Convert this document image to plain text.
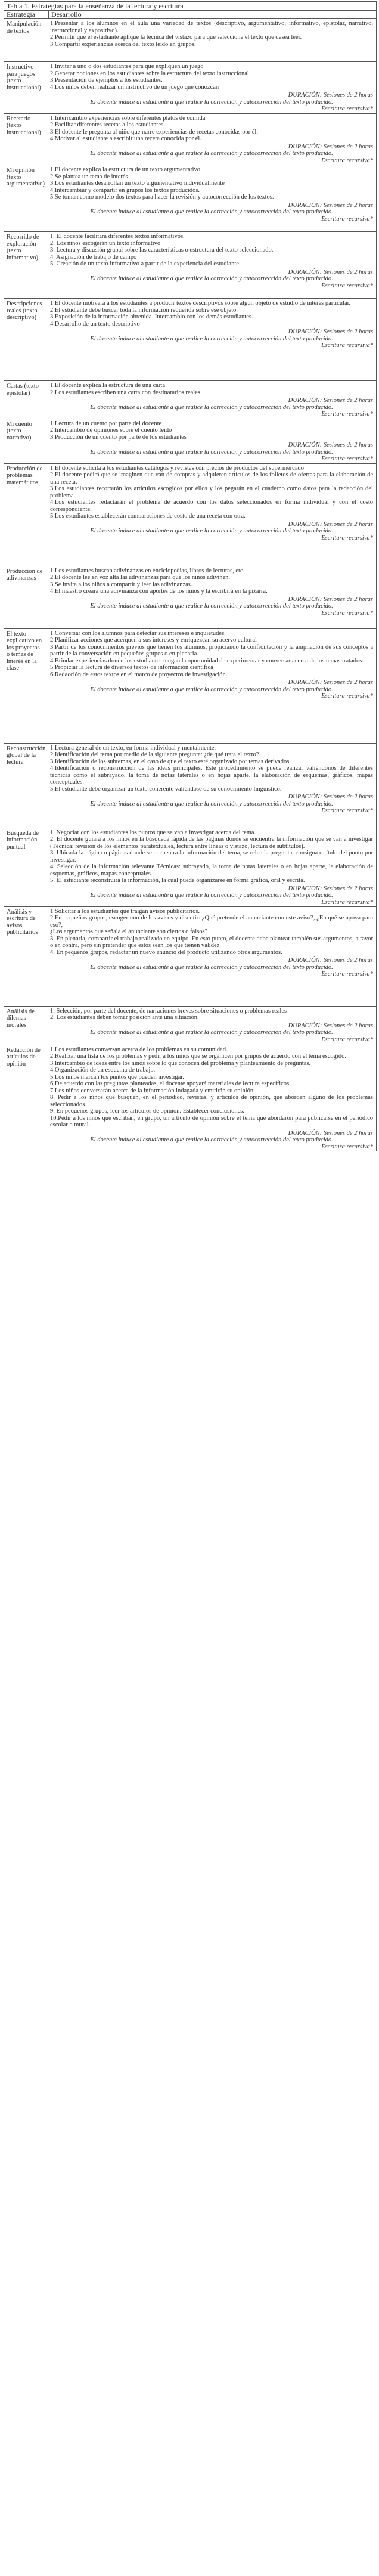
Tabla 1. Estrategias para la enseñanza de la lectura y escritura
Estrategia	Desarrollo
Manipulación de textos

1.Presentar a los alumnos en el aula una variedad de textos (descriptivo, argumentativo, informativo, epistolar, narrativo, instruccional y expositivo).

2.Permitir que el estudiante aplique la técnica del vistazo para que seleccione el texto que desea leer.

3.Compartir experiencias acerca del texto leído en grupos.

Instructivo para juegos (texto instruccional)

1.Invitar a uno o dos estudiantes para que expliquen un juego

2.Generar nociones en los estudiantes sobre la estructura del texto instruccional.

3.Presentación de ejemplos a los estudiantes.

4.Los niños deben realizar un instructivo de un juego que conozcan

DURACIÓN: Sesiones de 2 horas
El docente induce al estudiante a que realice la corrección y autocorrección del texto producido.
Escritura recursiva*
Recetario (texto instruccional)

1.Interrcambio experiencias sobre diferentes platos de comida

2.Facilitar diferentes recetas a los estudiantes

3.El docente le pregunta al niño que narre experiencias de recetas conocidas por él.

4.Motivar al estudiante a escribir una receta conocida por él.

DURACIÓN: Sesiones de 2 horas
El docente induce al estudiante a que realice la corrección y autocorrección del texto producido.
Escritura recursiva*
Mi opinión (texto argumentativo)

1.El docente explica la estructura de un texto argumentativo.

2.Se plantea un tema de interés

3.Los estudiantes desarrollan un texto argumentativo individualmente

4.Intercambiar y compartir en grupos los textos producidos.

5.Se toman como modelo dos textos para hacer la revisión y autocorrección de los textos.

DURACIÓN: Sesiones de 2 horas
El docente induce al estudiante a que realice la corrección y autocorrección del texto producido.
Escritura recursiva*
Recorrido de exploración (texto informativo)

1. El docente facilitará diferentes textos informativos.

2. Los niños escogerán un texto informativo

3. Lectura y discusión grupal sobre las características o estructura del texto seleccionado.

4. Asignación de trabajo de campo

5. Creación de un texto informativo a partir de la experiencia del estudiante

DURACIÓN: Sesiones de 2 horas
El docente induce al estudiante a que realice la corrección y autocorrección del texto producido.
Escritura recursiva*
Descripciones reales (texto descriptivo)

1.El docente motivará a los estudiantes a producir textos descriptivos sobre algún objeto de estudio de interés particular.

2.El estudiante debe buscar toda la información requerida sobre ese objeto.

3.Exposición de la información obtenida. Intercambio con los demás estudiantes.

4.Desarrollo de un texto descriptivo

DURACIÓN: Sesiones de 2 horas
El docente induce al estudiante a que realice la corrección y autocorrección del texto producido.
Escritura recursiva*
Cartas (texto epistolar)

1.El docente explica la estructura de una carta

2.Los estudiantes escriben una carta con destinatarios reales

DURACIÓN: Sesiones de 2 horas
El docente induce al estudiante a que realice la corrección y autocorrección del texto producido.
Escritura recursiva*
Mi cuento (texto narrativo)

1.Lectura de un cuento por parte del docente

2.Intercambio de opiniones sobre el cuento leído

3.Producción de un cuento por parte de los estudiantes

DURACIÓN: Sesiones de 2 horas
El docente induce al estudiante a que realice la corrección y autocorrección del texto producido.
Escritura recursiva*
Producción de problemas matemáticos

1.El docente solicita a los estudiantes catálogos y revistas con precios de productos del supermercado

2.El docente pedirá que se imaginen que van de compras y adquieren artículos de los folletos de ofertas para la elaboración de una receta.

3.Los estudiantes recortarán los artículos escogidos por ellos y los pegarán en el cuaderno como datos para la redacción del problema.

4.Los estudiantes redactarán el problema de acuerdo con los datos seleccionados en forma individual y con el costo correspondiente.

5.Los estudiantes establecerán comparaciones de costo de una receta con otra.

DURACIÓN: Sesiones de 2 horas
El docente induce al estudiante a que realice la corrección y autocorrección del texto producido.
Escritura recursiva*
Producción de adivinanzas

1.Los estudiantes buscan adivinanzas en enciclopedias, libros de lecturas, etc.

2.El docente lee en voz alta las adivinanzas para que los niños adivinen.

3.Se invita a los niños a compartir y leer las adivinanzas.

4.El maestro creará una adivinanza con aportes de los niños y la escribirá en la pizarra.

DURACIÓN: Sesiones de 2 horas
El docente induce al estudiante a que realice la corrección y autocorrección del texto producido.
Escritura recursiva*
El texto explicativo en los proyectos o temas de interés en la clase

1.Conversar con los alumnos para detectar sus intereses e inquietudes.

2.Planificar acciones que acerquen a sus intereses y enriquezcan su acervo cultural

3.Partir de los conocimientos previos que tienen los alumnos, propiciando la confrontación y la ampliación de sus conceptos a partir de la conversación en pequeños grupos o en plenaria.

4.Brindar experiencias donde los estudiantes tengan la oportunidad de experimentar y conversar acerca de los temas tratados.

5.Propiciar la lectura de diversos textos de información científica

6.Redacción de estos textos en el marco de proyectos de investigación.

DURACIÓN: Sesiones de 2 horas
El docente induce al estudiante a que realice la corrección y autocorrección del texto producido.
Escritura recursiva*
Reconstrucción global de la lectura

1.Lectura general de un texto, en forma individual y mentalmente.

2.Identificación del tema por medio de la siguiente pregunta: ¿de qué trata el texto?

3.Identificación de los subtemas, en el caso de que el texto esté organizado por temas derivados.

4.Identificación o reconstrucción de las ideas principales. Este procedimiento se puede realizar valiéndonos de diferentes técnicas como el subrayado, la toma de notas laterales o en hojas aparte, la elaboración de esquemas, gráficos, mapas conceptuales.

5.El estudiante debe organizar un texto coherente valiéndose de su conocimiento lingüístico.

DURACIÓN: Sesiones de 2 horas
El docente induce al estudiante a que realice la corrección y autocorrección del texto producido.
Escritura recursiva*
Búsqueda de información puntual

1. Negociar con los estudiantes los puntos que se van a investigar acerca del tema.

2. El docente guiará a los niños en la búsqueda rápida de las páginas donde se encuentra la información que se van a investigar (Técnica: revisión de los elementos paratextuales, lectura entre líneas o vistazo, lectura de subtítulos).

3. Ubicada la página o páginas donde se encuentra la información del tema, se relee la pregunta, consigna o título del punto por investigar.

4. Selección de la información relevante Técnicas: subrayado, la toma de notas laterales o en hojas aparte, la elaboración de esquemas, gráficos, mapas conceptuales.

5. El estudiante reconstruirá la información, la cual puede organizarse en forma gráfica, oral y escrita.

DURACIÓN: Sesiones de 2 horas
El docente induce al estudiante a que realice la corrección y autocorrección del texto producido.
Escritura recursiva*
Análisis y escritura de avisos publicitarios

1.Solicitar a los estudiantes que traigan avisos publicitarios.

2.En pequeños grupos, escoger uno de los avisos y discutir: ¿Qué pretende el anunciante con este aviso?, ¿En qué se apoya para eso?,

¿Los argumentos que señala el anunciante son ciertos o falsos?

3. En plenaria, compartir el trabajo realizado en equipo. En esto punto, el docente debe plantear también sus argumentos, a favor o en contra, pero sin pretender que estos sean los que tienen validez.

4. En pequeños grupos, redactar un nuevo anuncio del producto utilizando otros argumentos.

DURACIÓN: Sesiones de 2 horas
El docente induce al estudiante a que realice la corrección y autocorrección del texto producido.
Escritura recursiva*
Análisis de dilemas morales

1. Selección, por parte del docente, de narraciones breves sobre situaciones o problemas reales

2. Los estudiantes deben tomar posición ante una situación.

DURACIÓN: Sesiones de 2 horas
El docente induce al estudiante a que realice la corrección y autocorrección del texto producido.
Escritura recursiva*
Redacción de artículos de opinión

1.Los estudiantes conversan acerca de los problemas en su comunidad.

2.Realizar una lista de los problemas y pedir a los niños que se organicen por grupos de acuerdo con el tema escogido.

3.Intercambio de ideas entre los niños sobre lo que conocen del problema y planteamiento de preguntas.

4.Organización de un esquema de trabajo.

5.Los niños marcan los puntos que pueden investigar.

6.De acuerdo con las preguntas planteadas, el docente apoyará materiales de lectura específicos.

7.Los niños conversarán acerca de la información indagada y emitirán su opinión.

8. Pedir a los niños que busquen, en el periódico, revistas, y artículos de opinión, que aborden alguno de los problemas seleccionados.

9. En pequeños grupos, leer los artículos de opinión. Establecer conclusiones.

10.Pedir a los niños que escriban, en grupo, un artículo de opinión sobre el tema que abordaron para publicarse en el periódico escolar o mural.

DURACIÓN: Sesiones de 2 horas
El docente induce al estudiante a que realice la corrección y autocorrección del texto producido.
Escritura recursiva*
